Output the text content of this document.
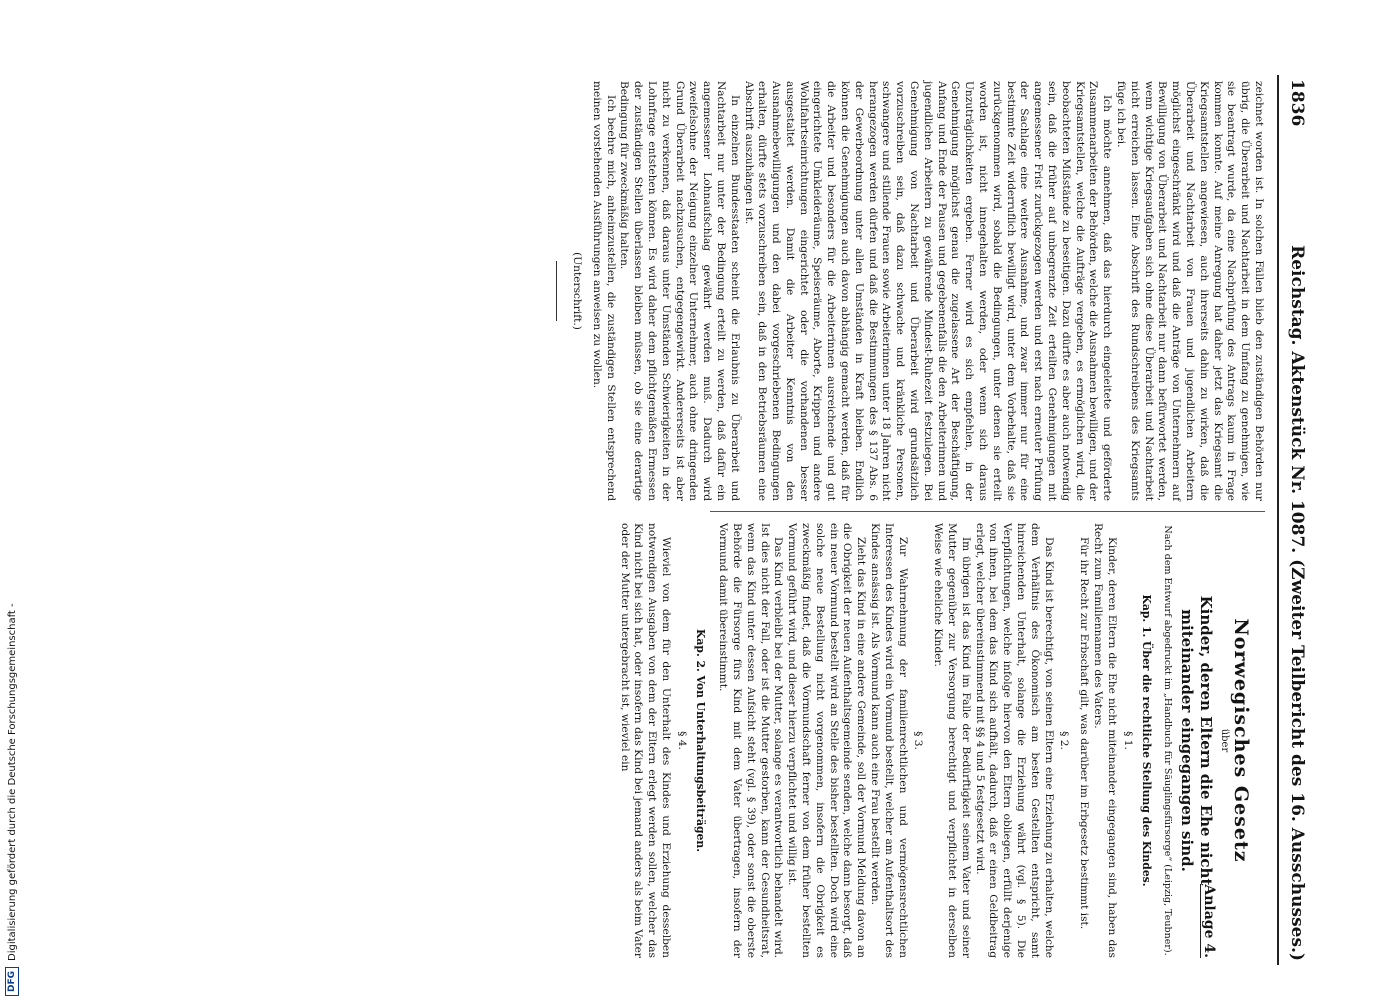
DFG
Digitalisierung gefördert durch die Deutsche Forschungsgemeinschaft -
1836
Reichstag. Aktenstück Nr. 1087. (Zweiter Teilbericht des 16. Ausschusses.)

zeichnet worden ist. In solchen Fällen blieb den zuständigen Behörden nur übrig, die Überarbeit und Nachtarbeit in dem Umfang zu genehmigen, wie sie beantragt wurde, da eine Nachprüfung des Antrags kaum in Frage kommen konnte. Auf meine Anregung hat daher jetzt das Kriegsamt die Kriegsamtstellen angewiesen, auch ihrerseits dahin zu wirken, daß die Überarbeit und Nachtarbeit von Frauen und jugendlichen Arbeitern möglichst eingeschränkt wird und daß die Anträge von Unternehmern auf Bewilligung von Überarbeit und Nachtarbeit nur dann befürwortet werden, wenn wichtige Kriegsaufgaben sich ohne diese Überarbeit und Nachtarbeit nicht erreichen lassen. Eine Abschrift des Rundschreibens des Kriegsamts füge ich bei.

Ich möchte annehmen, daß das hierdurch eingeleitete und geförderte Zusammenarbeiten der Behörden, welche die Ausnahmen bewilligen, und der Kriegsamtstellen, welche die Aufträge vergeben, es ermöglichen wird, die beobachteten Mißstände zu beseitigen. Dazu dürfte es aber auch notwendig sein, daß die früher auf unbegrenzte Zeit erteilten Genehmigungen mit angemessener Frist zurückgezogen werden und erst nach erneuter Prüfung der Sachlage eine weitere Ausnahme, und zwar immer nur für eine bestimmte Zeit widerruflich bewilligt wird, unter dem Vorbehalte, daß sie zurückgenommen wird, sobald die Bedingungen, unter denen sie erteilt worden ist, nicht innegehalten werden, oder wenn sich daraus Unzuträglichkeiten ergeben. Ferner wird es sich empfehlen, in der Genehmigung möglichst genau die zugelassene Art der Beschäftigung, Anfang und Ende der Pausen und gegebenenfalls die den Arbeiterinnen und jugendlichen Arbeitern zu gewährende Mindest-Ruhezeit festzulegen. Bei Genehmigung von Nachtarbeit und Überarbeit wird grundsätzlich vorzuschreiben sein, daß dazu schwache und kränkliche Personen, schwangere und stillende Frauen sowie Arbeiterinnen unter 18 Jahren nicht herangezogen werden dürfen und daß die Bestimmungen des § 137 Abs. 6 der Gewerbeordnung unter allen Umständen in Kraft bleiben. Endlich können die Genehmigungen auch davon abhängig gemacht werden, daß für die Arbeiter und besonders für die Arbeiterinnen ausreichende und gut eingerichtete Umkleideräume, Speiseräume, Aborte, Krippen und andere Wohlfahrtseinrichtungen eingerichtet oder die vorhandenen besser ausgestaltet werden. Damit die Arbeiter Kenntnis von den Ausnahmebewilligungen und den dabei vorgeschriebenen Bedingungen erhalten, dürfte stets vorzuschreiben sein, daß in den Betriebsräumen eine Abschrift auszuhängen ist.

In einzelnen Bundesstaaten scheint die Erlaubnis zu Überarbeit und Nachtarbeit nur unter der Bedingung erteilt zu werden, daß dafür ein angemessener Lohnaufschlag gewährt werden muß. Dadurch wird zweifelsohne der Neigung einzelner Unternehmer, auch ohne dringenden Grund Überarbeit nachzusuchen, entgegengewirkt. Andererseits ist aber nicht zu verkennen, daß daraus unter Umständen Schwierigkeiten in der Lohnfrage entstehen können. Es wird daher dem pflichtgemäßen Ermessen der zuständigen Stellen überlassen bleiben müssen, ob sie eine derartige Bedingung für zweckmäßig halten.

Ich beehre mich, anheimzustellen, die zuständigen Stellen entsprechend meinen vorstehenden Ausführungen anweisen zu wollen.

(Unterschrift.)

Anlage 4.
Norwegisches Gesetz
über
Kinder, deren Eltern die Ehe nicht miteinander eingegangen sind.
Nach dem Entwurf abgedruckt im „Handbuch für Säuglingsfürsorge“ (Leipzig, Teubner).
Kap. 1. Über die rechtliche Stellung des Kindes.
§ 1.

Kinder, deren Eltern die Ehe nicht miteinander eingegangen sind, haben das Recht zum Familiennamen des Vaters.

Für ihr Recht zur Erbschaft gilt, was darüber im Erbgesetz bestimmt ist.

§ 2.

Das Kind ist berechtigt, von seinen Eltern eine Erziehung zu erhalten, welche dem Verhältnis des Ökonomisch am besten Gestellten entspricht, samt hinreichenden Unterhalt, solange die Erziehung währt (vgl. § 5). Die Verpflichtungen, welche infolge hiervon den Eltern obliegen, erfüllt derjenige von ihnen, bei dem das Kind sich aufhält, dadurch, daß er einen Geldbeitrag erlegt, welcher übereinstimmend mit §§ 4 und 5 festgesetzt wird.

Im übrigen ist das Kind im Falle der Bedürftigkeit seinem Vater und seiner Mutter gegenüber zur Versorgung berechtigt und verpflichtet in derselben Weise wie eheliche Kinder.

§ 3.

Zur Wahrnehmung der familienrechtlichen und vermögensrechtlichen Interessen des Kindes wird ein Vormund bestellt, welcher am Aufenthaltsort des Kindes ansässig ist. Als Vormund kann auch eine Frau bestellt werden.

Zieht das Kind in eine andere Gemeinde, soll der Vormund Meldung davon an die Obrigkeit der neuen Aufenthaltsgemeinde senden, welche dann besorgt, daß ein neuer Vormund bestellt wird an Stelle des bisher bestellten. Doch wird eine solche neue Bestellung nicht vorgenommen, insofern die Obrigkeit es zweckmäßig findet, daß die Vormundschaft ferner von dem früher bestellten Vormund geführt wird, und dieser hierzu verpflichtet und willig ist.

Das Kind verbleibt bei der Mutter, solange es verantwortlich behandelt wird. Ist dies nicht der Fall, oder ist die Mutter gestorben, kann der Gesundheitsrat, wenn das Kind unter dessen Aufsicht steht (vgl. § 39), oder sonst die oberste Behörde die Fürsorge fürs Kind mit dem Vater übertragen, insofern der Vormund damit übereinstimmt.

Kap. 2. Von Unterhaltungsbeiträgen.
§ 4.

Wieviel von dem für den Unterhalt des Kindes und Erziehung desselben notwendigen Ausgaben von dem der Eltern erlegt werden sollen, welcher das Kind nicht bei sich hat, oder insofern das Kind bei jemand anders als beim Vater oder der Mutter untergebracht ist, wieviel ein
